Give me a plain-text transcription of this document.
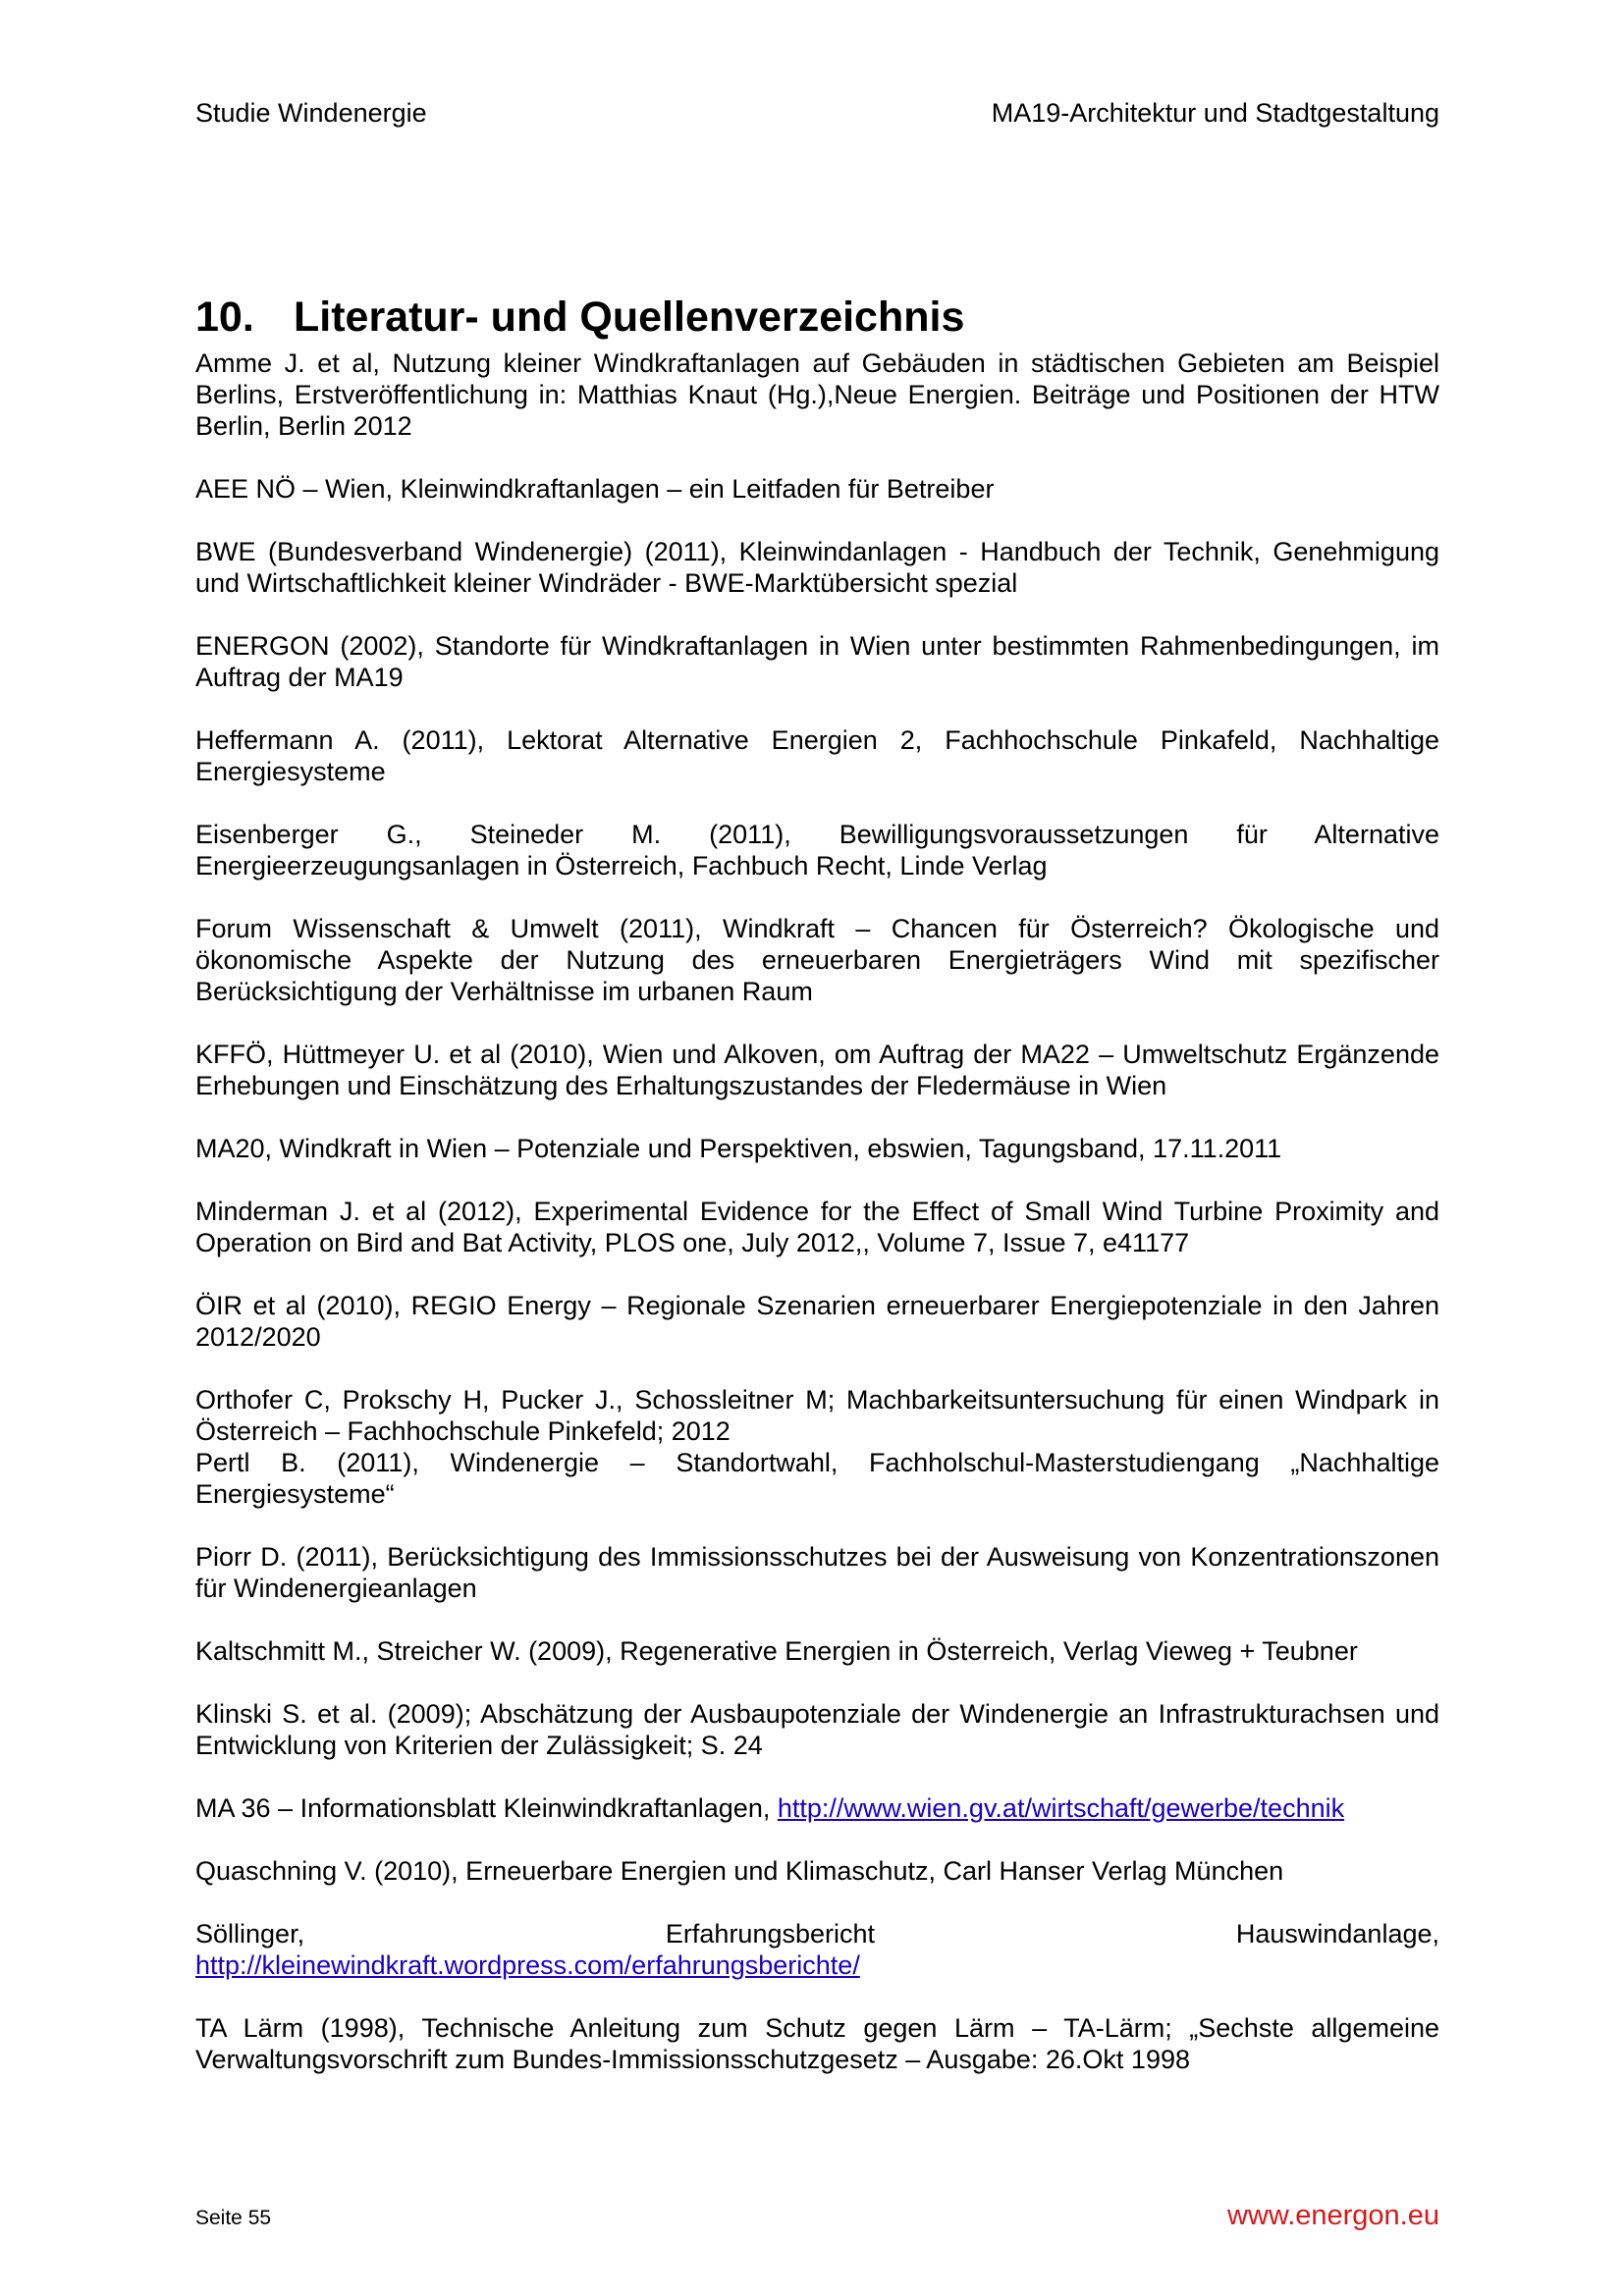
Studie Windenergie	MA19-Architektur und Stadtgestaltung
10. Literatur- und Quellenverzeichnis

Amme J. et al, Nutzung kleiner Windkraftanlagen auf Gebäuden in städtischen Gebieten am Beispiel Berlins, Erstveröffentlichung in: Matthias Knaut (Hg.),Neue Energien. Beiträge und Positionen der HTW Berlin, Berlin 2012

AEE NÖ – Wien, Kleinwindkraftanlagen – ein Leitfaden für Betreiber

BWE (Bundesverband Windenergie) (2011), Kleinwindanlagen - Handbuch der Technik, Genehmigung und Wirtschaftlichkeit kleiner Windräder - BWE-Marktübersicht spezial

ENERGON (2002), Standorte für Windkraftanlagen in Wien unter bestimmten Rahmenbedingungen, im Auftrag der MA19

Heffermann A. (2011), Lektorat Alternative Energien 2, Fachhochschule Pinkafeld, Nachhaltige Energiesysteme

Eisenberger G., Steineder M. (2011), Bewilligungsvoraussetzungen für Alternative Energieerzeugungsanlagen in Österreich, Fachbuch Recht, Linde Verlag

Forum Wissenschaft & Umwelt (2011), Windkraft – Chancen für Österreich? Ökologische und ökonomische Aspekte der Nutzung des erneuerbaren Energieträgers Wind mit spezifischer Berücksichtigung der Verhältnisse im urbanen Raum

KFFÖ, Hüttmeyer U. et al (2010), Wien und Alkoven, om Auftrag der MA22 – Umweltschutz Ergänzende Erhebungen und Einschätzung des Erhaltungszustandes der Fledermäuse in Wien

MA20, Windkraft in Wien – Potenziale und Perspektiven, ebswien, Tagungsband, 17.11.2011

Minderman J. et al (2012), Experimental Evidence for the Effect of Small Wind Turbine Proximity and Operation on Bird and Bat Activity, PLOS one, July 2012,, Volume 7, Issue 7, e41177

ÖIR et al (2010), REGIO Energy – Regionale Szenarien erneuerbarer Energiepotenziale in den Jahren 2012/2020

Orthofer C, Prokschy H, Pucker J., Schossleitner M; Machbarkeitsuntersuchung für einen Windpark in Österreich – Fachhochschule Pinkefeld; 2012

Pertl B. (2011), Windenergie – Standortwahl, Fachholschul-Masterstudiengang „Nachhaltige Energiesysteme“

Piorr D. (2011), Berücksichtigung des Immissionsschutzes bei der Ausweisung von Konzentrationszonen für Windenergieanlagen

Kaltschmitt M., Streicher W. (2009), Regenerative Energien in Österreich, Verlag Vieweg + Teubner

Klinski S. et al. (2009); Abschätzung der Ausbaupotenziale der Windenergie an Infrastrukturachsen und Entwicklung von Kriterien der Zulässigkeit; S. 24

MA 36 – Informationsblatt Kleinwindkraftanlagen, http://www.wien.gv.at/wirtschaft/gewerbe/technik

Quaschning V. (2010), Erneuerbare Energien und Klimaschutz, Carl Hanser Verlag München

Söllinger,	Erfahrungsbericht	Hauswindanlage,
http://kleinewindkraft.wordpress.com/erfahrungsberichte/

TA Lärm (1998), Technische Anleitung zum Schutz gegen Lärm – TA-Lärm; „Sechste allgemeine Verwaltungsvorschrift zum Bundes-Immissionsschutzgesetz – Ausgabe: 26.Okt 1998

Seite 55	www.energon.eu
